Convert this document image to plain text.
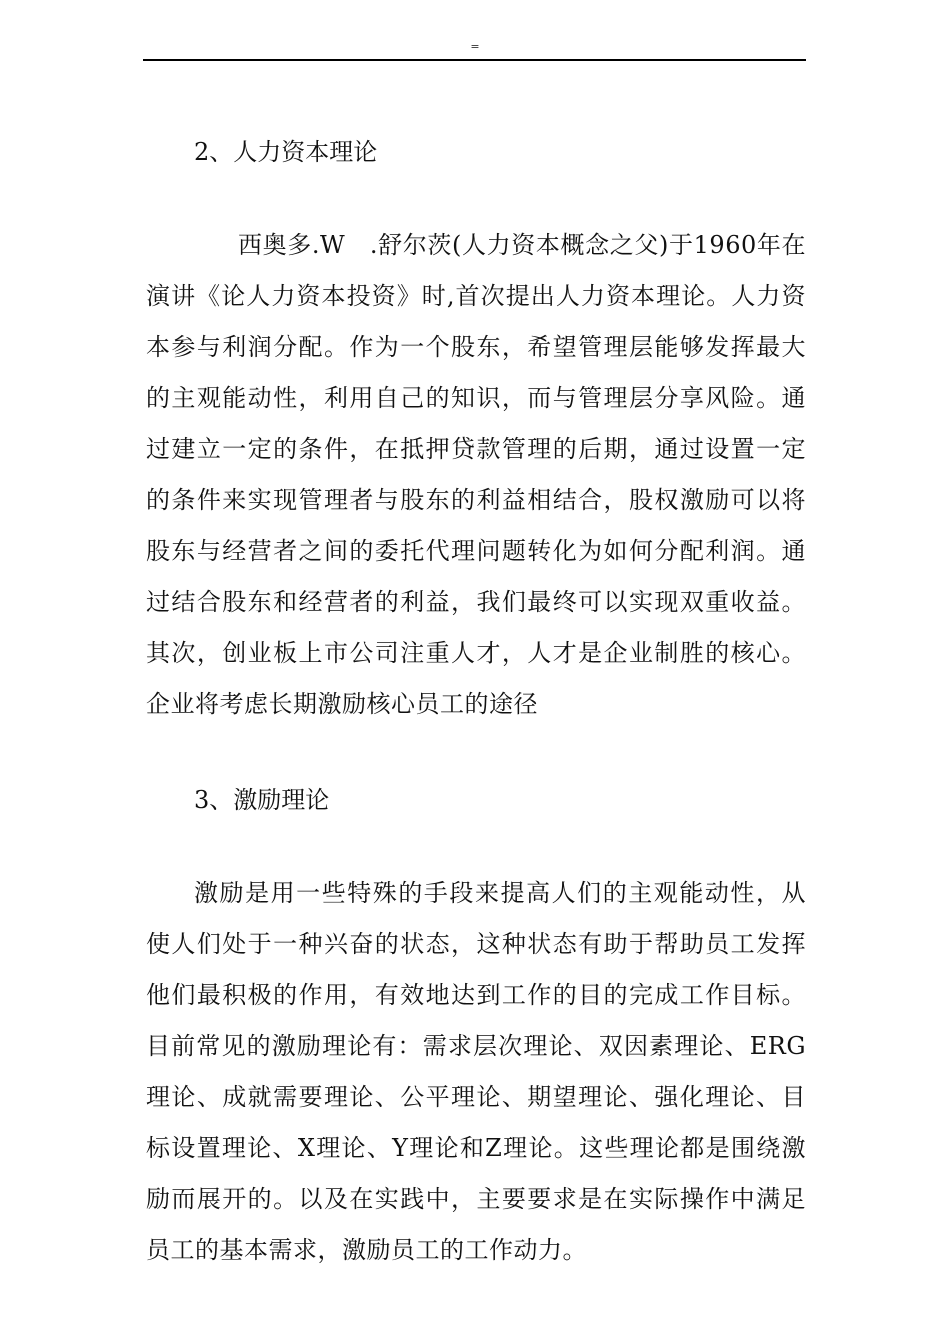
=
2、人力资本理论

西奥多.W　.舒尔茨(人力资本概念之父)于1960年在演讲《论人力资本投资》时,首次提出人力资本理论。人力资本参与利润分配。作为一个股东，希望管理层能够发挥最大的主观能动性，利用自己的知识，而与管理层分享风险。通过建立一定的条件，在抵押贷款管理的后期，通过设置一定的条件来实现管理者与股东的利益相结合，股权激励可以将股东与经营者之间的委托代理问题转化为如何分配利润。通过结合股东和经营者的利益，我们最终可以实现双重收益。其次，创业板上市公司注重人才，人才是企业制胜的核心。企业将考虑长期激励核心员工的途径

3、激励理论

激励是用一些特殊的手段来提高人们的主观能动性，从使人们处于一种兴奋的状态，这种状态有助于帮助员工发挥他们最积极的作用，有效地达到工作的目的完成工作目标。目前常见的激励理论有：需求层次理论、双因素理论、ERG理论、成就需要理论、公平理论、期望理论、强化理论、目标设置理论、X理论、Y理论和Z理论。这些理论都是围绕激励而展开的。以及在实践中，主要要求是在实际操作中满足员工的基本需求，激励员工的工作动力。
